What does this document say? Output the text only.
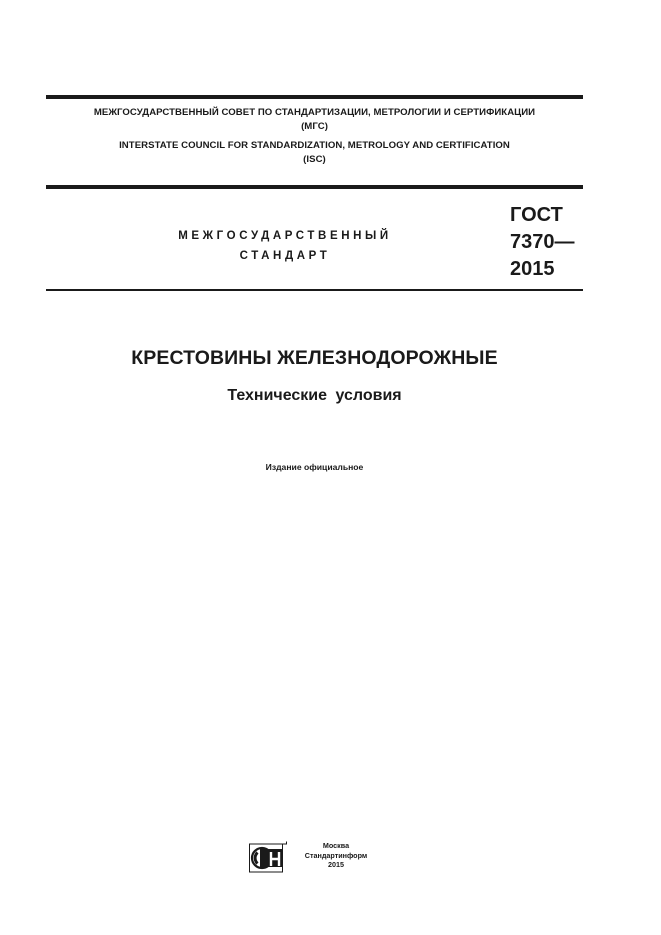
МЕЖГОСУДАРСТВЕННЫЙ СОВЕТ ПО СТАНДАРТИЗАЦИИ, МЕТРОЛОГИИ И СЕРТИФИКАЦИИ
(МГС)
INTERSTATE COUNCIL FOR STANDARDIZATION, METROLOGY AND CERTIFICATION
(ISC)
МЕЖГОСУДАРСТВЕННЫЙ
СТАНДАРТ
ГОСТ
7370—
2015
КРЕСТОВИНЫ ЖЕЛЕЗНОДОРОЖНЫЕ
Технические условия
Издание официальное
Москва
Стандартинформ
2015
